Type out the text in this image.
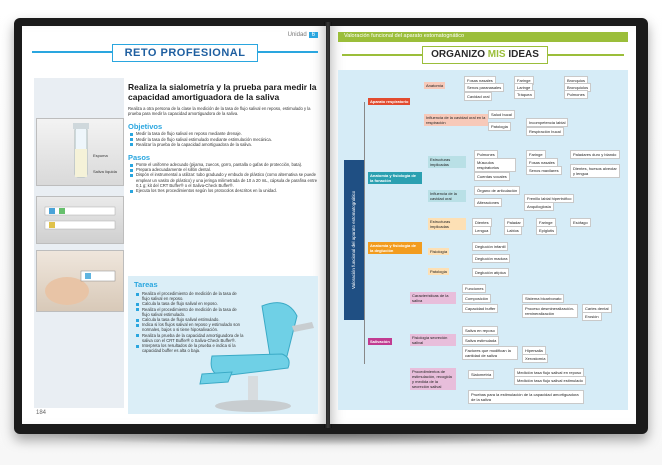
Unidad 6
RETO PROFESIONAL
Espuma
Saliva líquida
Realiza la sialometría y la prueba para medir la capacidad amortiguadora de la saliva
Realiza a otra persona de la clase la medición de la tasa de flujo salival en reposo, estimulado y la prueba para medir la capacidad amortiguadora de la saliva.
Objetivos
Medir la tasa de flujo salival en reposo mediante drenaje.
Medir la tasa de flujo salival estimulado mediante estimulación mecánica.
Realizar la prueba de la capacidad amortiguadora de la saliva.
Pasos
Ponte el uniforme adecuado (pijama, zuecos, gorro, pantalla o gafas de protección, bata).
Prepara adecuadamente el sillón dental.
Dispón el instrumental a utilizar: tubo graduado y embudo de plástico (como alternativa se puede emplear un vasito de plástico) y una jeringa milimetrada de 10 a 20 mL, cápsula de parafina entre 0,1 g; kit del CRT Buffer® o el Saliva-Check Buffer®.
Ejecuta los tres procedimientos según los protocolos descritos en la unidad.
Tareas
Realiza el procedimiento de medición de la tasa de flujo salival en reposo.
Calcula la tasa de flujo salival en reposo.
Realiza el procedimiento de medición de la tasa de flujo salival estimulado.
Calcula la tasa de flujo salival estimulado.
Indica si los flujos salival en reposo y estimulado son normales, bajos o si tiene hiposalivación.
Realiza la prueba de la capacidad amortiguadora de la saliva con el CRT Buffer® o Saliva-Check Buffer®.
Interpreta los resultados de la prueba e indica si la capacidad buffer es alta o baja.
184
Valoración funcional del aparato estomatognático
ORGANIZO MIS IDEAS
Valoración funcional del aparato estomatognático
Aparato respiratorio
Anatomía
Fosas nasales
Senos paranasales
Cavidad oral
Faringe
Laringe
Tráquea
Bronquios
Bronquiolos
Pulmones
Influencia de la cavidad oral en la respiración
Salud bucal
Patología
Incompetencia labial
Respiración bucal
Anatomía y fisiología de la fonación
Estructuras implicadas
Pulmones
Músculos respiratorios
Cuerdas vocales
Faringe
Fosas nasales
Senos maxilares
Paladares duro y blando
Dientes, huesos alveolar y lengua
Influencia de la cavidad oral
Órgano de articulación
Alteraciones
Frenillo labial hipertrófico
Anquiloglosia
Anatomía y fisiología de la deglución
Estructuras implicadas
Dientes
Lengua
Paladar
Labios
Faringe
Epiglotis
Esófago
Fisiología
Deglución infantil
Deglución madura
Patología	Deglución atípica
Salivación
Características de la saliva
Funciones
Composición	Sistema bicarbonato
Capacidad buffer	Proceso desmineralización-remineralización
Caries dental
Erosión
Fisiología secreción salival
Saliva en reposo
Saliva estimulada
Factores que modifican la cantidad de saliva
Hipersalia
Xerostomía
Procedimientos de estimulación, recogida y medida de la secreción salival
Sialometría	Medición tasa flujo salival en reposo
Medición tasa flujo salival estimulado
Pruebas para la estimulación de la capacidad amortiguadora de la saliva
